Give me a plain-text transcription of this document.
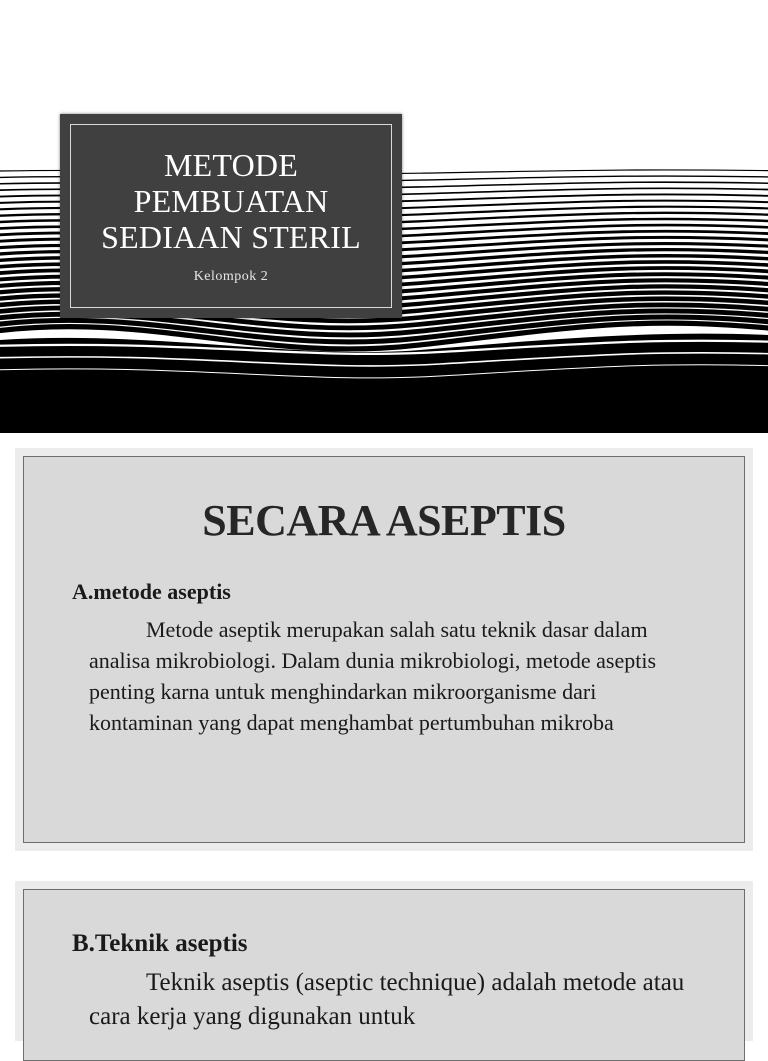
METODE
PEMBUATAN
SEDIAAN STERIL
Kelompok 2
SECARA ASEPTIS
A.metode aseptis

Metode aseptik merupakan salah satu teknik dasar dalam analisa mikrobiologi. Dalam dunia mikrobiologi, metode aseptis penting karna untuk menghindarkan mikroorganisme dari kontaminan yang dapat menghambat pertumbuhan mikroba

B.Teknik aseptis

Teknik aseptis (aseptic technique) adalah metode atau cara kerja yang digunakan untuk
